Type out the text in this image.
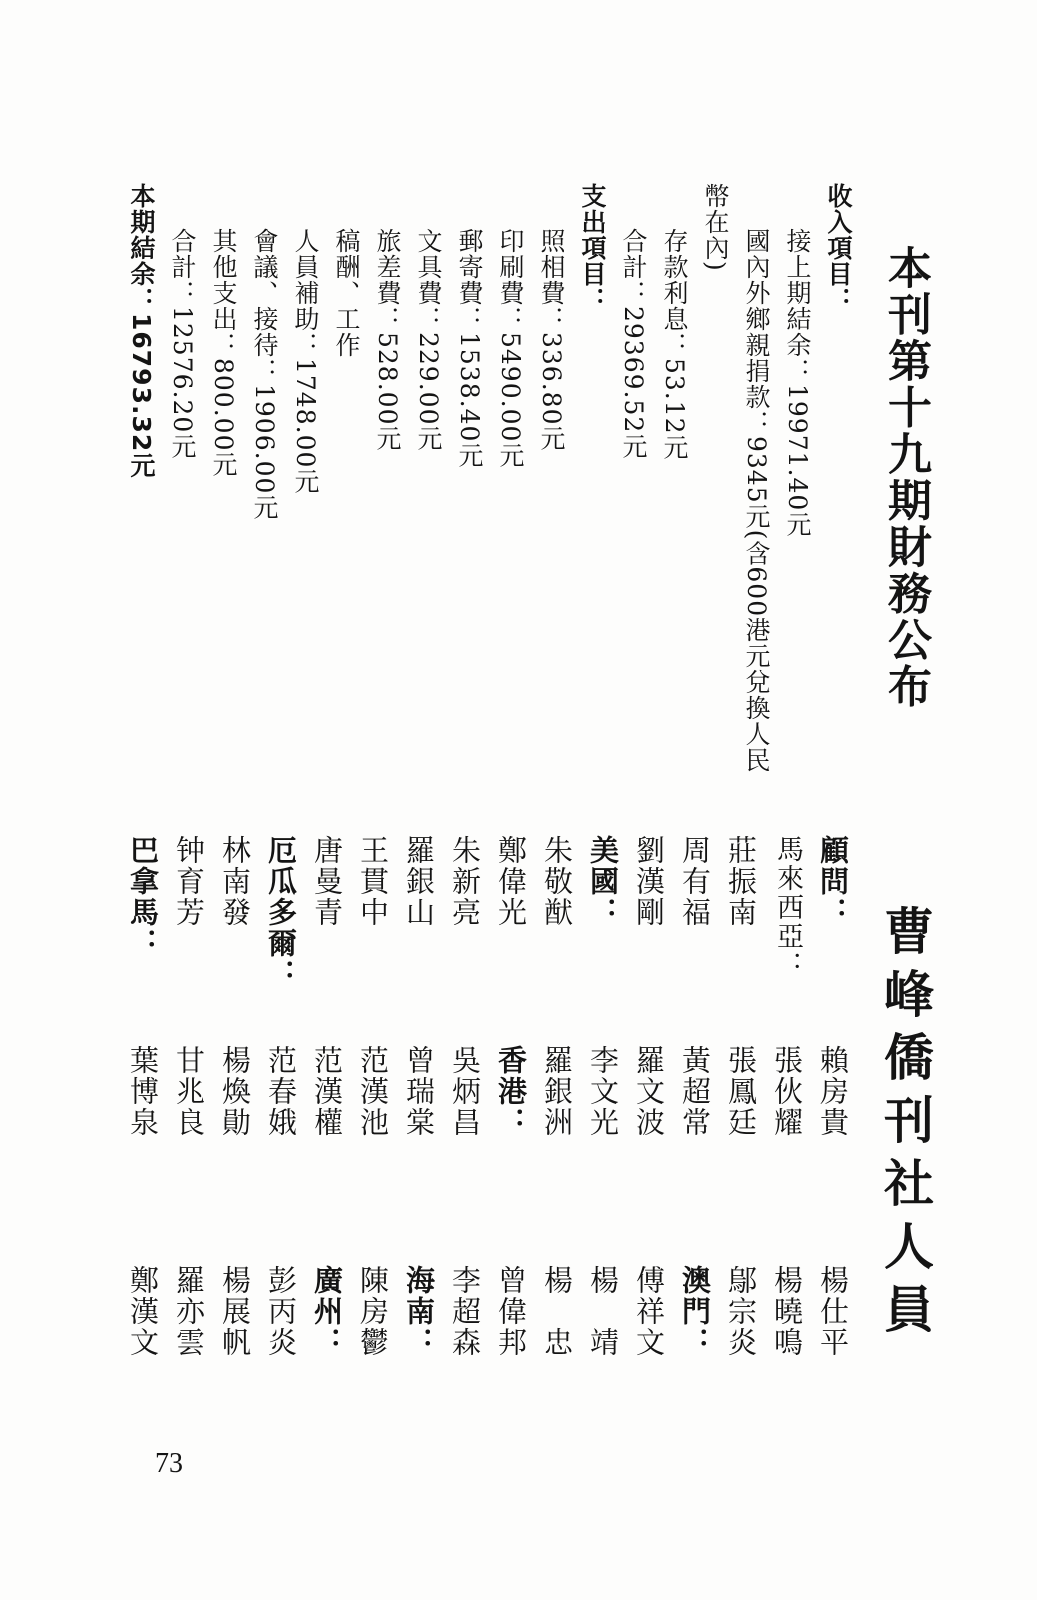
本刊第十九期財務公布
收入項目：
接上期結余：19971.40元
國內外鄉親捐款：9345元(含600港元兌換人民
幣在內)
存款利息：53.12元
合計：29369.52元
支出項目：
照相費：336.80元
印刷費：5490.00元
郵寄費：1538.40元
文具費：229.00元
旅差費：528.00元
稿酬、工作
人員補助：1748.00元
會議、接待：1906.00元
其他支出：800.00元
合計：12576.20元
本期結余：16793.32元
曹峰僑刊社人員
顧問：
賴房貴
楊仕平
馬來西亞：
張伙耀
楊曉鳴
莊振南
張鳳廷
鄔宗炎
周有福
黃超常
澳門：
劉漢剛
羅文波
傅祥文
美國：
李文光
楊　靖
朱敬猷
羅銀洲
楊　忠
鄭偉光
香港：
曾偉邦
朱新亮
吳炳昌
李超森
羅銀山
曾瑞棠
海南：
王貫中
范漢池
陳房鬱
唐曼青
范漢權
廣州：
厄瓜多爾：
范春娥
彭丙炎
林南發
楊煥勛
楊展帆
钟育芳
甘兆良
羅亦雲
巴拿馬：
葉博泉
鄭漢文
73
